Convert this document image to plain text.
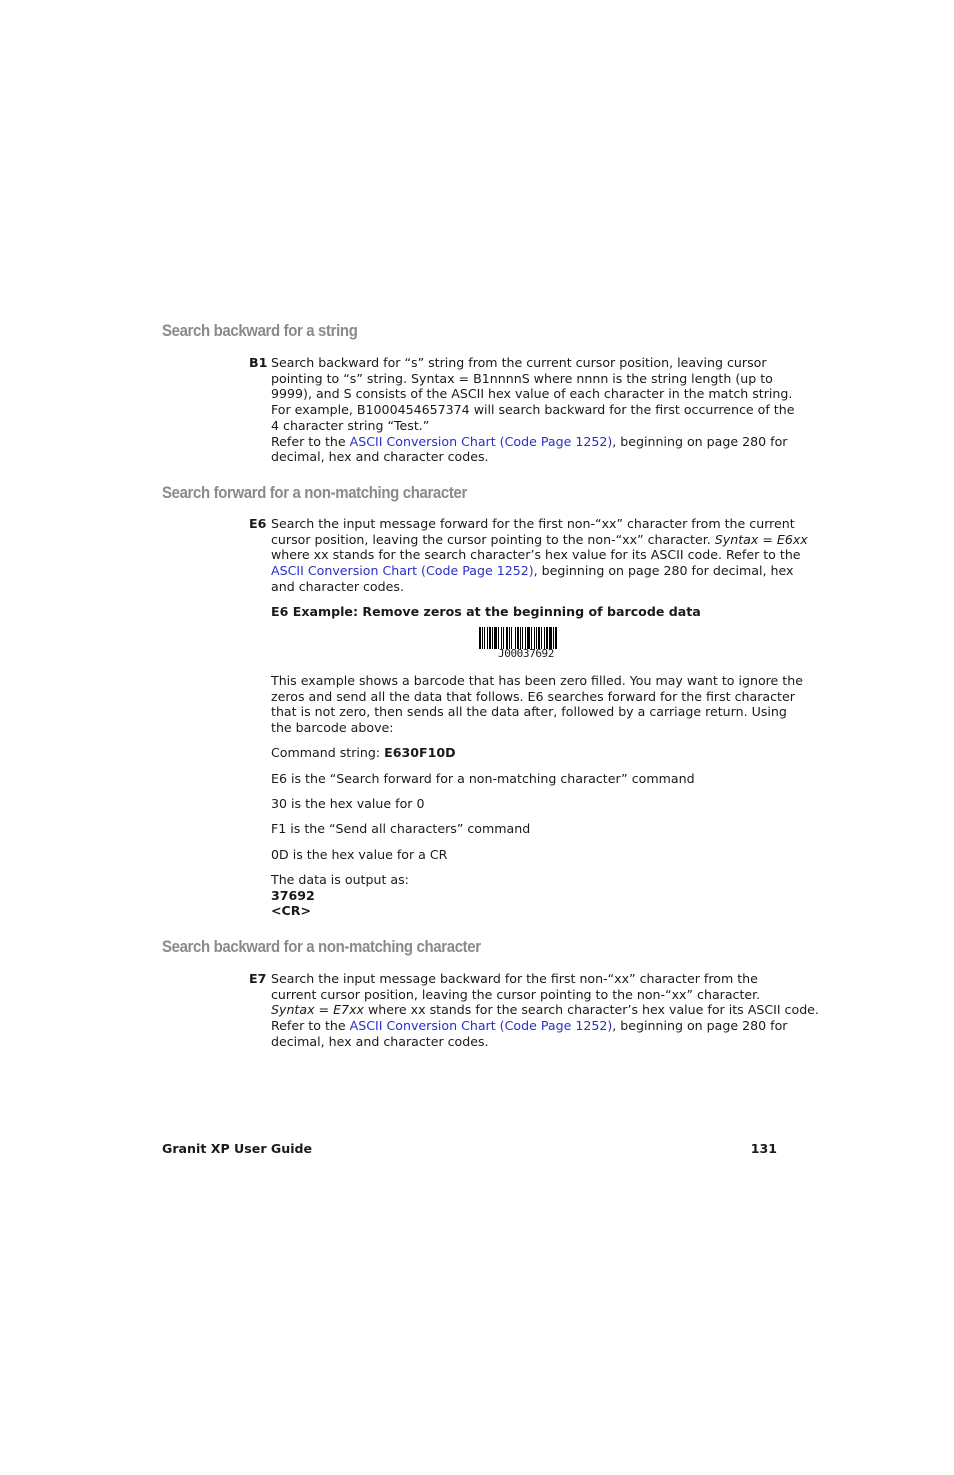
Search backward for a string
B1 Search backward for “s” string from the current cursor position, leaving cursor
pointing to “s” string. Syntax = B1nnnnS where nnnn is the string length (up to
9999), and S consists of the ASCII hex value of each character in the match string.
For example, B1000454657374 will search backward for the first occurrence of the
4 character string “Test.”
Refer to the ASCII Conversion Chart (Code Page 1252), beginning on page 280 for
decimal, hex and character codes.
Search forward for a non-matching character
E6 Search the input message forward for the first non-“xx” character from the current
cursor position, leaving the cursor pointing to the non-“xx” character. Syntax = E6xx
where xx stands for the search character’s hex value for its ASCII code. Refer to the
ASCII Conversion Chart (Code Page 1252), beginning on page 280 for decimal, hex
and character codes.
E6 Example: Remove zeros at the beginning of barcode data
J00037692
This example shows a barcode that has been zero filled. You may want to ignore the
zeros and send all the data that follows. E6 searches forward for the first character
that is not zero, then sends all the data after, followed by a carriage return. Using
the barcode above:
Command string: E630F10D
E6 is the “Search forward for a non-matching character” command
30 is the hex value for 0
F1 is the “Send all characters” command
0D is the hex value for a CR
The data is output as:
37692
<CR>
Search backward for a non-matching character
E7 Search the input message backward for the first non-“xx” character from the
current cursor position, leaving the cursor pointing to the non-“xx” character.
Syntax = E7xx where xx stands for the search character’s hex value for its ASCII code.
Refer to the ASCII Conversion Chart (Code Page 1252), beginning on page 280 for
decimal, hex and character codes.
Granit XP User Guide	131
